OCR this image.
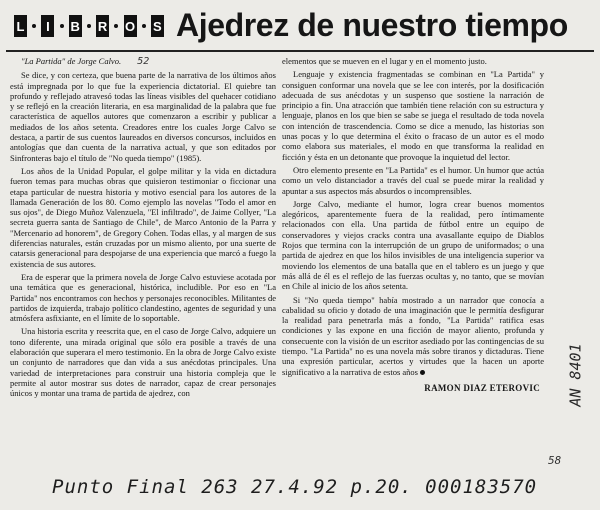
L	I	B R O S Ajedrez de nuestro tiempo
"La Partida" de Jorge Calvo. 52

Se dice, y con certeza, que buena parte de la narrativa de los últimos años está impregnada por lo que fue la experiencia dictatorial. El quiebre tan profundo y reflejado atravesó todas las líneas visibles del quehacer cotidiano y se reflejó en la creación literaria, en esa marginalidad de la palabra que fue característica de aquellos autores que comenzaron a escribir y publicar a mediados de los años setenta. Creadores entre los cuales Jorge Calvo se destaca, a partir de sus cuentos laureados en diversos concursos, incluidos en antologías que dan cuenta de la narrativa actual, y que son editados por Sinfronteras bajo el título de "No queda tiempo" (1985).

Los años de la Unidad Popular, el golpe militar y la vida en dictadura fueron temas para muchas obras que quisieron testimoniar o ficcionar una etapa particular de nuestra historia y motivo esencial para los autores de la llamada Generación de los 80. Como ejemplo las novelas "Todo el amor en sus ojos", de Diego Muñoz Valenzuela, "El infiltrado", de Jaime Collyer, "La secreta guerra santa de Santiago de Chile", de Marco Antonio de la Parra y "Mercenario ad honorem", de Gregory Cohen. Todas ellas, y al margen de sus diferencias naturales, están cruzadas por un mismo aliento, por una suerte de catarsis generacional para despojarse de una experiencia que marcó a fuego la existencia de sus autores.

Era de esperar que la primera novela de Jorge Calvo estuviese acotada por una temática que es generacional, histórica, includible. Por eso en "La Partida" nos encontramos con hechos y personajes reconocibles. Militantes de partidos de izquierda, trabajo político clandestino, agentes de seguridad y una atmósfera asfixiante, en el límite de lo soportable.

Una historia escrita y reescrita que, en el caso de Jorge Calvo, adquiere un tono diferente, una mirada original que sólo era posible a través de una elaboración que superara el mero testimonio. En la obra de Jorge Calvo existe un conjunto de narradores que dan vida a sus anécdotas principales. Una variedad de interpretaciones para construir una historia compleja que le permite al autor mostrar sus dotes de narrador, capaz de crear personajes únicos y montar una trama de partida de ajedrez, con

elementos que se mueven en el lugar y en el momento justo.

Lenguaje y existencia fragmentadas se combinan en "La Partida" y consiguen conformar una novela que se lee con interés, por la dosificación adecuada de sus anécdotas y un suspenso que sostiene la narración de principio a fin. Una atracción que también tiene relación con su estructura y lenguaje, planos en los que bien se sabe se juega el resultado de toda novela con intención de trascendencia. Como se dice a menudo, las historias son unas pocas y lo que determina el éxito o fracaso de un autor es el modo como elabora sus materiales, el modo en que transforma la realidad en ficción y ésta en un detonante que provoque la inquietud del lector.

Otro elemento presente en "La Partida" es el humor. Un humor que actúa como un velo distanciador a través del cual se puede mirar la realidad y apuntar a sus aspectos más absurdos o incomprensibles.

Jorge Calvo, mediante el humor, logra crear buenos momentos alegóricos, aparentemente fuera de la realidad, pero íntimamente relacionados con ella. Una partida de fútbol entre un equipo de conservadores y viejos cracks contra una avasallante equipo de Diablos Rojos que termina con la interrupción de un grupo de uniformados; o una partida de ajedrez en que los hilos invisibles de una inteligencia superior va moviendo los elementos de una batalla que en el tablero es un juego y que más allá de él es el reflejo de las fuerzas ocultas y, no tanto, que se movían en Chile al inicio de los años setenta.

Si "No queda tiempo" había mostrado a un narrador que conocía a cabalidad su oficio y dotado de una imaginación que le permitía desfigurar la realidad para penetrarla más a fondo, "La Partida" ratifica esas condiciones y las expone en una ficción de mayor aliento, profunda y consecuente con la visión de un escritor asediado por las contingencias de su tiempo. "La Partida" no es una novela más sobre tiranos y dictaduras. Tiene una expresión particular, acertos y virtudes que la hacen un aporte significativo a la narrativa de estos años

RAMON DIAZ ETEROVIC AN 8401
58
Punto Final 263 27.4.92 p.20. 000183570
